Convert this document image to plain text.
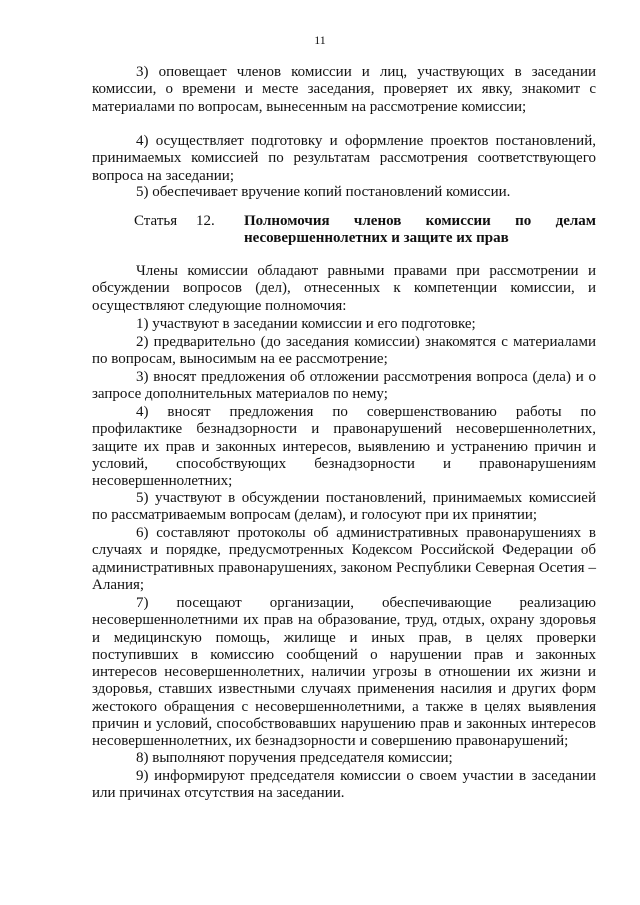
11

3) оповещает членов комиссии и лиц, участвующих в заседании комиссии, о времени и месте заседания, проверяет их явку, знакомит с материалами по вопросам, вынесенным на рассмотрение комиссии;

4) осуществляет подготовку и оформление проектов постановлений, принимаемых комиссией по результатам рассмотрения соответствующего вопроса на заседании;

5) обеспечивает вручение копий постановлений комиссии.

Статья	12.	Полномочия членов комиссии по делам
несовершеннолетних и защите их прав

Члены комиссии обладают равными правами при рассмотрении и обсуждении вопросов (дел), отнесенных к компетенции комиссии, и осуществляют следующие полномочия:

1) участвуют в заседании комиссии и его подготовке;

2) предварительно (до заседания комиссии) знакомятся с материалами по вопросам, выносимым на ее рассмотрение;

3) вносят предложения об отложении рассмотрения вопроса (дела) и о запросе дополнительных материалов по нему;

4) вносят предложения по совершенствованию работы по профилактике безнадзорности и правонарушений несовершеннолетних, защите их прав и законных интересов, выявлению и устранению причин и условий, способствующих безнадзорности и правонарушениям несовершеннолетних;

5) участвуют в обсуждении постановлений, принимаемых комиссией по рассматриваемым вопросам (делам), и голосуют при их принятии;

6) составляют протоколы об административных правонарушениях в случаях и порядке, предусмотренных Кодексом Российской Федерации об административных правонарушениях, законом Республики Северная Осетия – Алания;

7) посещают организации, обеспечивающие реализацию несовершеннолетними их прав на образование, труд, отдых, охрану здоровья и медицинскую помощь, жилище и иных прав, в целях проверки поступивших в комиссию сообщений о нарушении прав и законных интересов несовершеннолетних, наличии угрозы в отношении их жизни и здоровья, ставших известными случаях применения насилия и других форм жестокого обращения с несовершеннолетними, а также в целях выявления причин и условий, способствовавших нарушению прав и законных интересов несовершеннолетних, их безнадзорности и совершению правонарушений;

8) выполняют поручения председателя комиссии;

9) информируют председателя комиссии о своем участии в заседании или причинах отсутствия на заседании.
